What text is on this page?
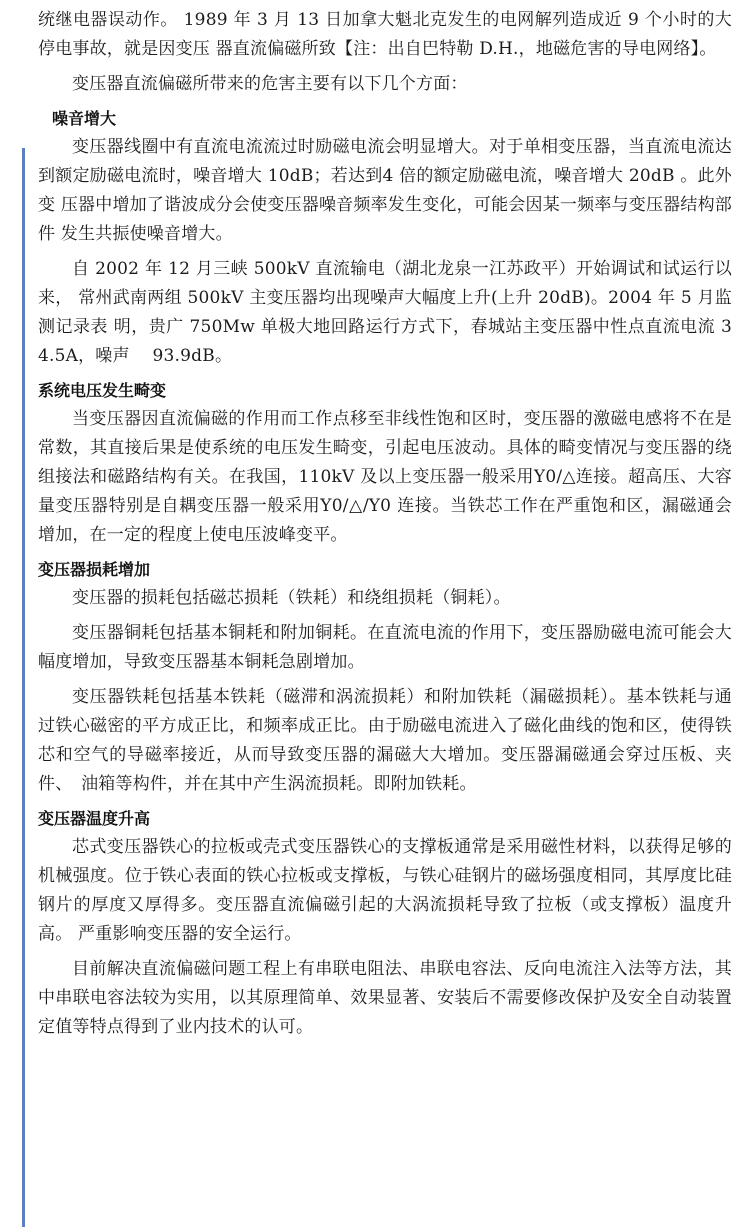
统继电器误动作。 1989 年 3 月 13 日加拿大魁北克发生的电网解列造成近 9 个小时的大停电事故，就是因变压 器直流偏磁所致【注：出自巴特勒 D.H.，地磁危害的导电网络】。

变压器直流偏磁所带来的危害主要有以下几个方面：

噪音增大

变压器线圈中有直流电流流过时励磁电流会明显增大。对于单相变压器，当直流电流达 到额定励磁电流时，噪音增大 10dB；若达到4 倍的额定励磁电流，噪音增大 20dB 。此外变 压器中增加了谐波成分会使变压器噪音频率发生变化，可能会因某一频率与变压器结构部件 发生共振使噪音增大。

自 2002 年 12 月三峡 500kV 直流输电（湖北龙泉一江苏政平）开始调试和试运行以来， 常州武南两组 500kV 主变压器均出现噪声大幅度上升(上升 20dB)。2004 年 5 月监测记录表 明，贵广 750Mw 单极大地回路运行方式下，春城站主变压器中性点直流电流 34.5A，噪声　 93.9dB。

系统电压发生畸变

当变压器因直流偏磁的作用而工作点移至非线性饱和区时，变压器的激磁电感将不在是 常数，其直接后果是使系统的电压发生畸变，引起电压波动。具体的畸变情况与变压器的绕 组接法和磁路结构有关。在我国，110kV 及以上变压器一般采用Y0/△连接。超高压、大容 量变压器特别是自耦变压器一般采用Y0/△/Y0 连接。当铁芯工作在严重饱和区，漏磁通会 增加，在一定的程度上使电压波峰变平。

变压器损耗增加

变压器的损耗包括磁芯损耗（铁耗）和绕组损耗（铜耗）。

变压器铜耗包括基本铜耗和附加铜耗。在直流电流的作用下，变压器励磁电流可能会大 幅度增加，导致变压器基本铜耗急剧增加。

变压器铁耗包括基本铁耗（磁滞和涡流损耗）和附加铁耗（漏磁损耗）。基本铁耗与通 过铁心磁密的平方成正比，和频率成正比。由于励磁电流进入了磁化曲线的饱和区，使得铁 芯和空气的导磁率接近，从而导致变压器的漏磁大大增加。变压器漏磁通会穿过压板、夹件、　油箱等构件，并在其中产生涡流损耗。即附加铁耗。

变压器温度升高

芯式变压器铁心的拉板或壳式变压器铁心的支撑板通常是采用磁性材料，以获得足够的 机械强度。位于铁心表面的铁心拉板或支撑板，与铁心硅钢片的磁场强度相同，其厚度比硅 钢片的厚度又厚得多。变压器直流偏磁引起的大涡流损耗导致了拉板（或支撑板）温度升高。 严重影响变压器的安全运行。

目前解决直流偏磁问题工程上有串联电阻法、串联电容法、反向电流注入法等方法，其 中串联电容法较为实用，以其原理简单、效果显著、安装后不需要修改保护及安全自动装置 定值等特点得到了业内技术的认可。
